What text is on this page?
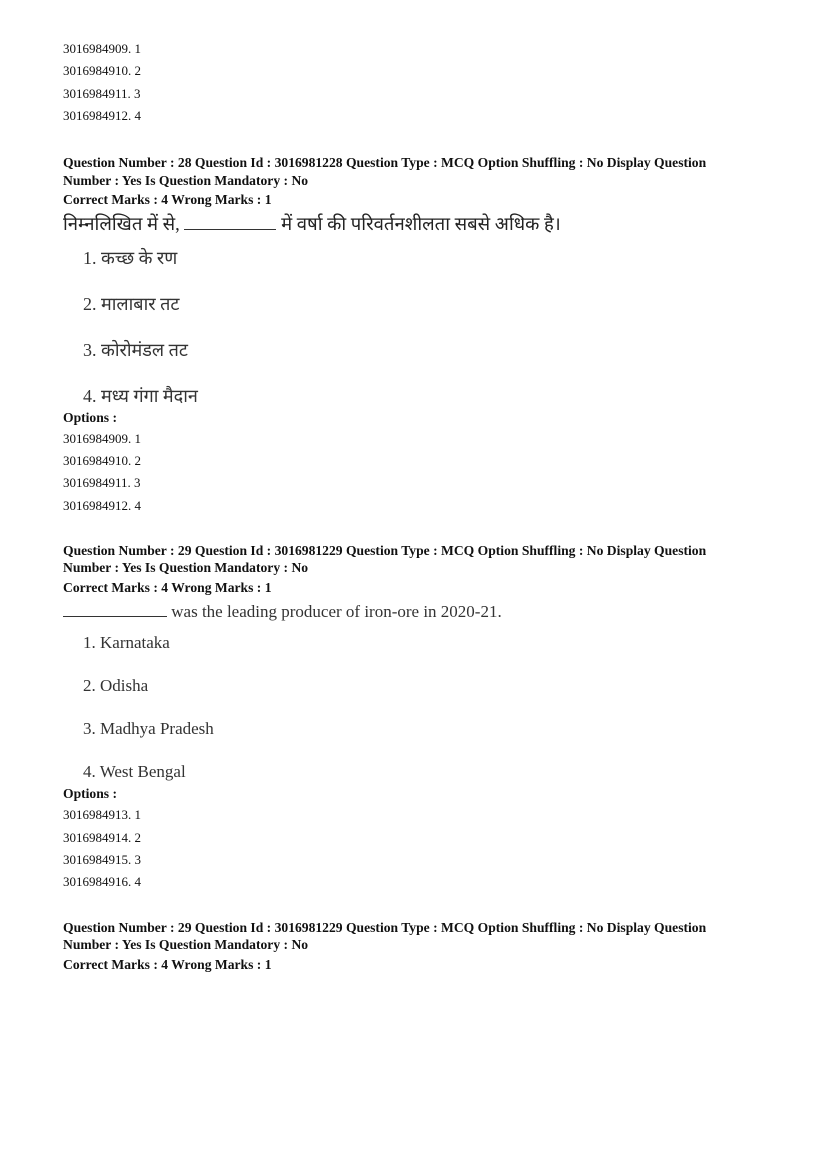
3016984909. 1
3016984910. 2
3016984911. 3
3016984912. 4
Question Number : 28 Question Id : 3016981228 Question Type : MCQ Option Shuffling : No Display Question
Number : Yes Is Question Mandatory : No
Correct Marks : 4 Wrong Marks : 1
निम्नलिखित में से,	में वर्षा की परिवर्तनशीलता सबसे अधिक है।
1. कच्छ के रण
2. मालाबार तट
3. कोरोमंडल तट
4. मध्य गंगा मैदान
Options :
3016984909. 1
3016984910. 2
3016984911. 3
3016984912. 4
Question Number : 29 Question Id : 3016981229 Question Type : MCQ Option Shuffling : No Display Question
Number : Yes Is Question Mandatory : No
Correct Marks : 4 Wrong Marks : 1
was the leading producer of iron-ore in 2020-21.
1. Karnataka
2. Odisha
3. Madhya Pradesh
4. West Bengal
Options :
3016984913. 1
3016984914. 2
3016984915. 3
3016984916. 4
Question Number : 29 Question Id : 3016981229 Question Type : MCQ Option Shuffling : No Display Question
Number : Yes Is Question Mandatory : No
Correct Marks : 4 Wrong Marks : 1
